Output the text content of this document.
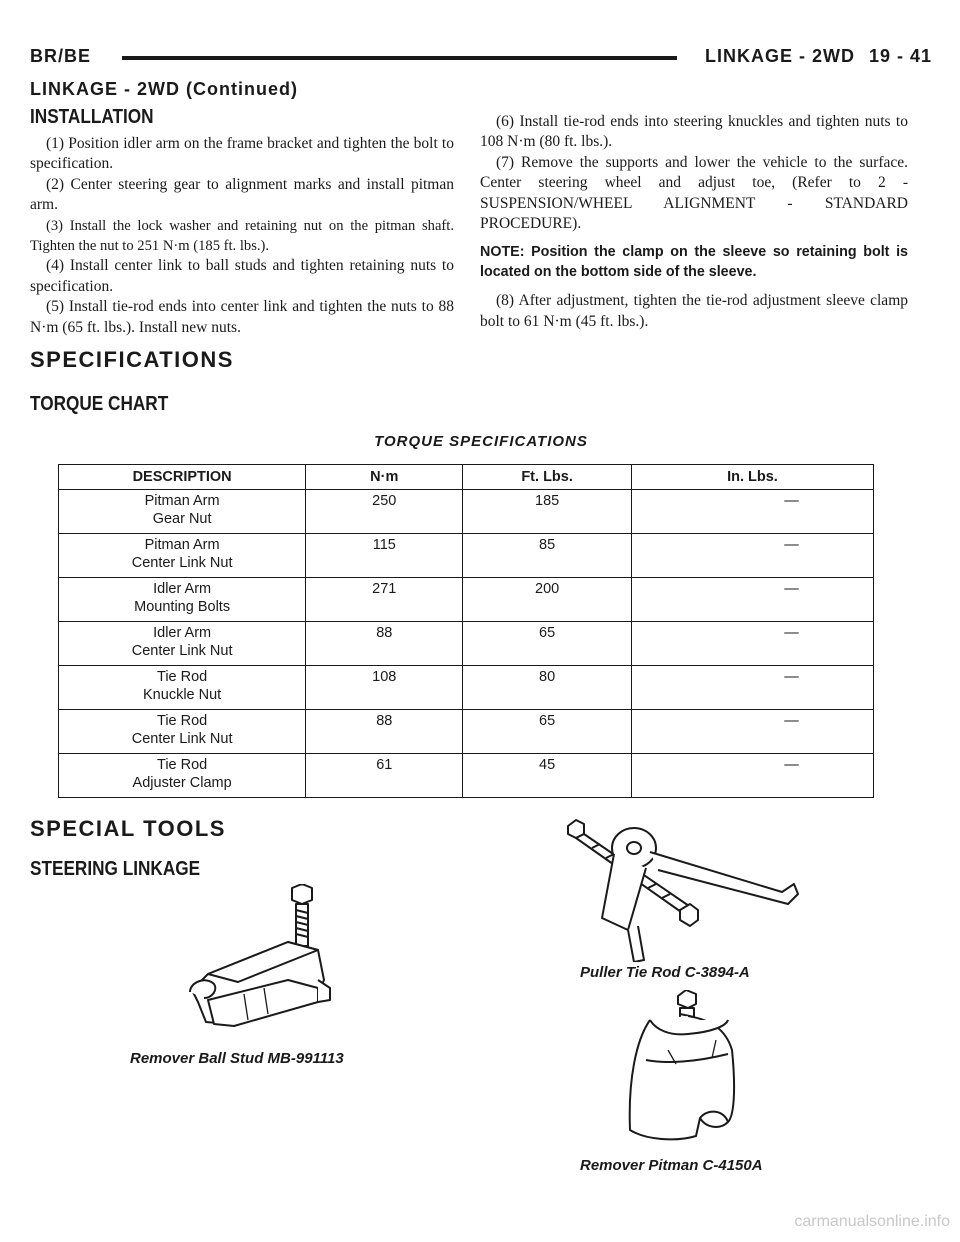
BR/BE	LINKAGE - 2WD 19 - 41
LINKAGE - 2WD (Continued)
INSTALLATION

(1) Position idler arm on the frame bracket and tighten the bolt to specification.

(2) Center steering gear to alignment marks and install pitman arm.

(3) Install the lock washer and retaining nut on the pitman shaft. Tighten the nut to 251 N·m (185 ft. lbs.).

(4) Install center link to ball studs and tighten retaining nuts to specification.

(5) Install tie-rod ends into center link and tighten the nuts to 88 N·m (65 ft. lbs.). Install new nuts.

(6) Install tie-rod ends into steering knuckles and tighten nuts to 108 N·m (80 ft. lbs.).

(7) Remove the supports and lower the vehicle to the surface. Center steering wheel and adjust toe, (Refer to 2 - SUSPENSION/WHEEL ALIGNMENT - STANDARD PROCEDURE).

NOTE: Position the clamp on the sleeve so retaining bolt is located on the bottom side of the sleeve.

(8) After adjustment, tighten the tie-rod adjustment sleeve clamp bolt to 61 N·m (45 ft. lbs.).

SPECIFICATIONS
TORQUE CHART
TORQUE SPECIFICATIONS
DESCRIPTION	N·m	Ft. Lbs.	In. Lbs.
Pitman Arm
Gear Nut	250	185	—
Pitman Arm
Center Link Nut	115	85	—
Idler Arm
Mounting Bolts	271	200	—
Idler Arm
Center Link Nut	88	65	—
Tie Rod
Knuckle Nut	108	80	—
Tie Rod
Center Link Nut	88	65	—
Tie Rod
Adjuster Clamp	61	45	—
SPECIAL TOOLS
STEERING LINKAGE
Remover Ball Stud MB-991113
Puller Tie Rod C-3894-A
Remover Pitman C-4150A
carmanualsonline.info
